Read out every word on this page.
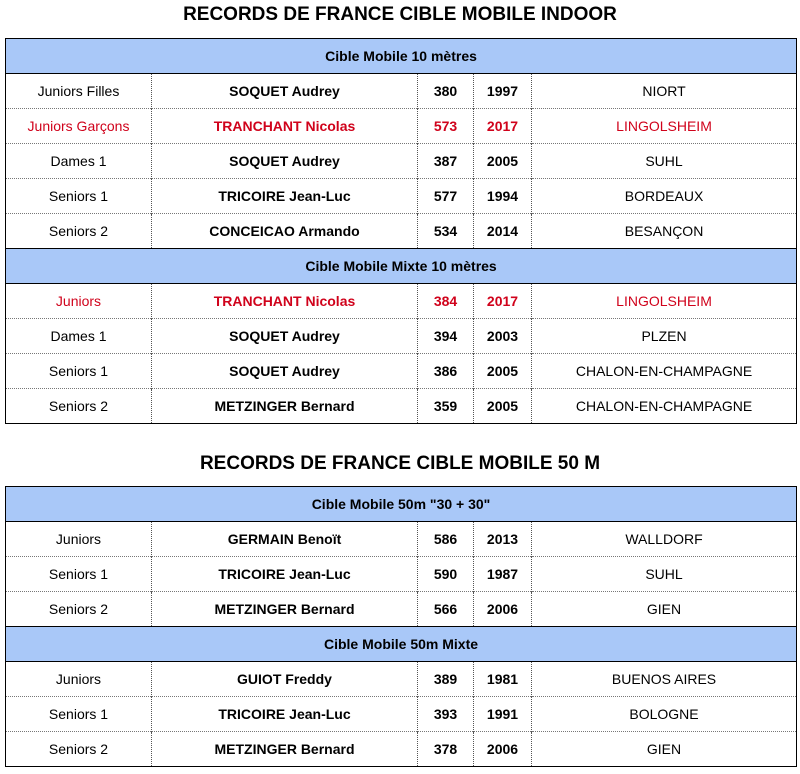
RECORDS DE FRANCE CIBLE MOBILE INDOOR
Cible Mobile 10 mètres				
Juniors Filles	SOQUET Audrey	380	1997	NIORT
Juniors Garçons	TRANCHANT Nicolas	573	2017	LINGOLSHEIM
Dames 1	SOQUET Audrey	387	2005	SUHL
Seniors 1	TRICOIRE Jean-Luc	577	1994	BORDEAUX
Seniors 2	CONCEICAO Armando	534	2014	BESANÇON
Cible Mobile Mixte 10 mètres				
Juniors	TRANCHANT Nicolas	384	2017	LINGOLSHEIM
Dames 1	SOQUET Audrey	394	2003	PLZEN
Seniors 1	SOQUET Audrey	386	2005	CHALON-EN-CHAMPAGNE
Seniors 2	METZINGER Bernard	359	2005	CHALON-EN-CHAMPAGNE
RECORDS DE FRANCE CIBLE MOBILE 50 M
Cible Mobile 50m "30 + 30"				
Juniors	GERMAIN Benoït	586	2013	WALLDORF
Seniors 1	TRICOIRE Jean-Luc	590	1987	SUHL
Seniors 2	METZINGER Bernard	566	2006	GIEN
Cible Mobile 50m Mixte				
Juniors	GUIOT Freddy	389	1981	BUENOS AIRES
Seniors 1	TRICOIRE Jean-Luc	393	1991	BOLOGNE
Seniors 2	METZINGER Bernard	378	2006	GIEN
